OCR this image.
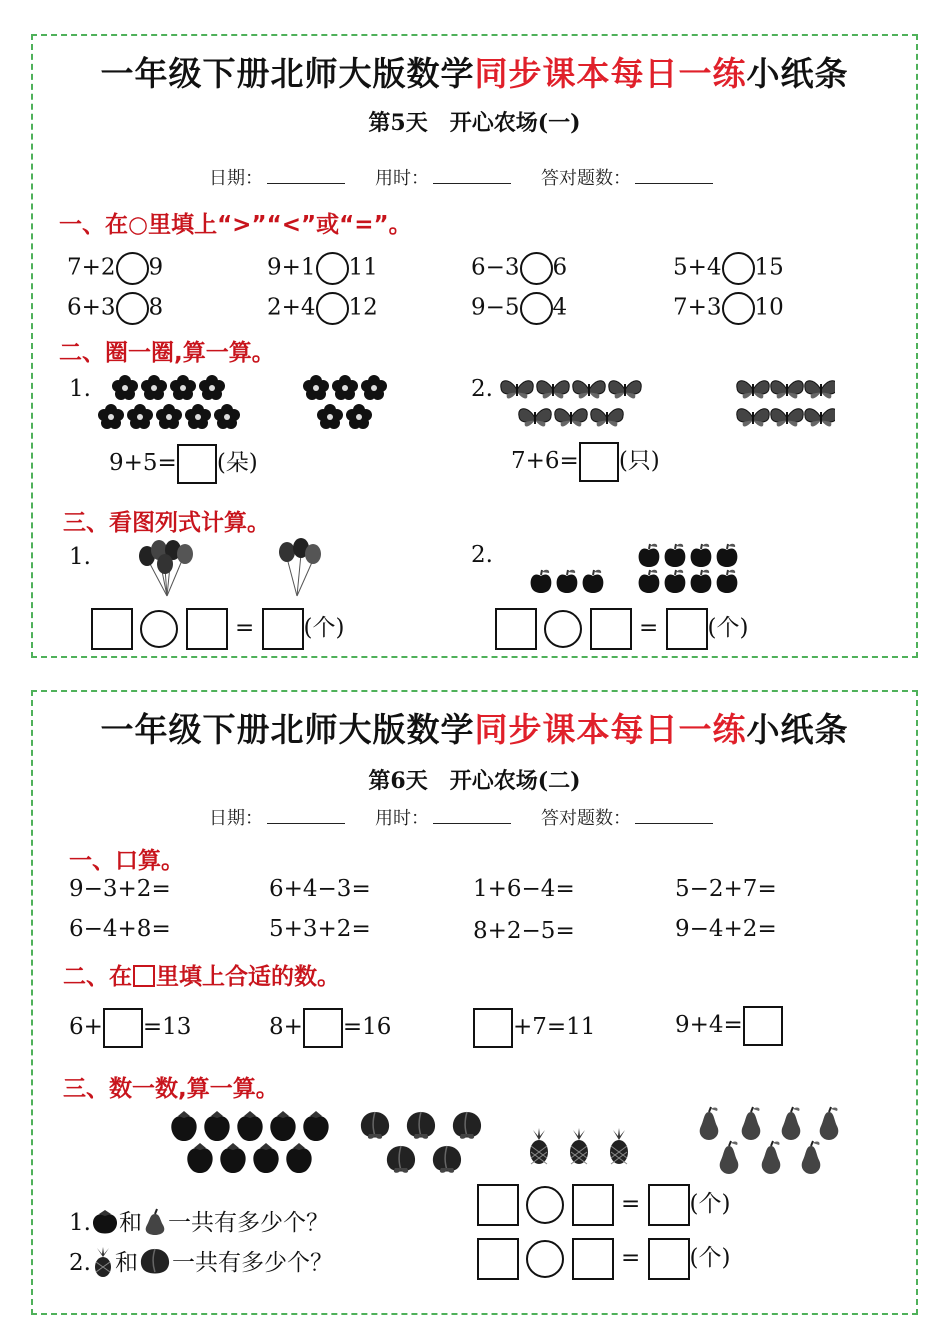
一年级下册北师大版数学同步课本每日一练小纸条
第5天　开心农场(一)
日期：	用时：	答对题数：
一、在○里填上“>”“<”或“=”。
7+2 9	9+1 11	6−3 6	5+4 15
6+3 8	2+4 12	9−5 4	7+3 10
二、圈一圈,算一算。
1.
9+5= (朵)
2.
7+6= (只)
三、看图列式计算。
1.
= (个)
2.
= (个)
一年级下册北师大版数学同步课本每日一练小纸条
第6天　开心农场(二)
日期：	用时：	答对题数：
一、口算。
9−3+2=	6+4−3=	1+6−4=	5−2+7=
6−4+8=	5+3+2=	8+2−5=	9−4+2=
二、在 里填上合适的数。
6+ =13	8+ =16	+7=11	9+4=
三、数一数,算一算。
1. 和 一共有多少个？
2. 和 一共有多少个？
= (个)
= (个)
